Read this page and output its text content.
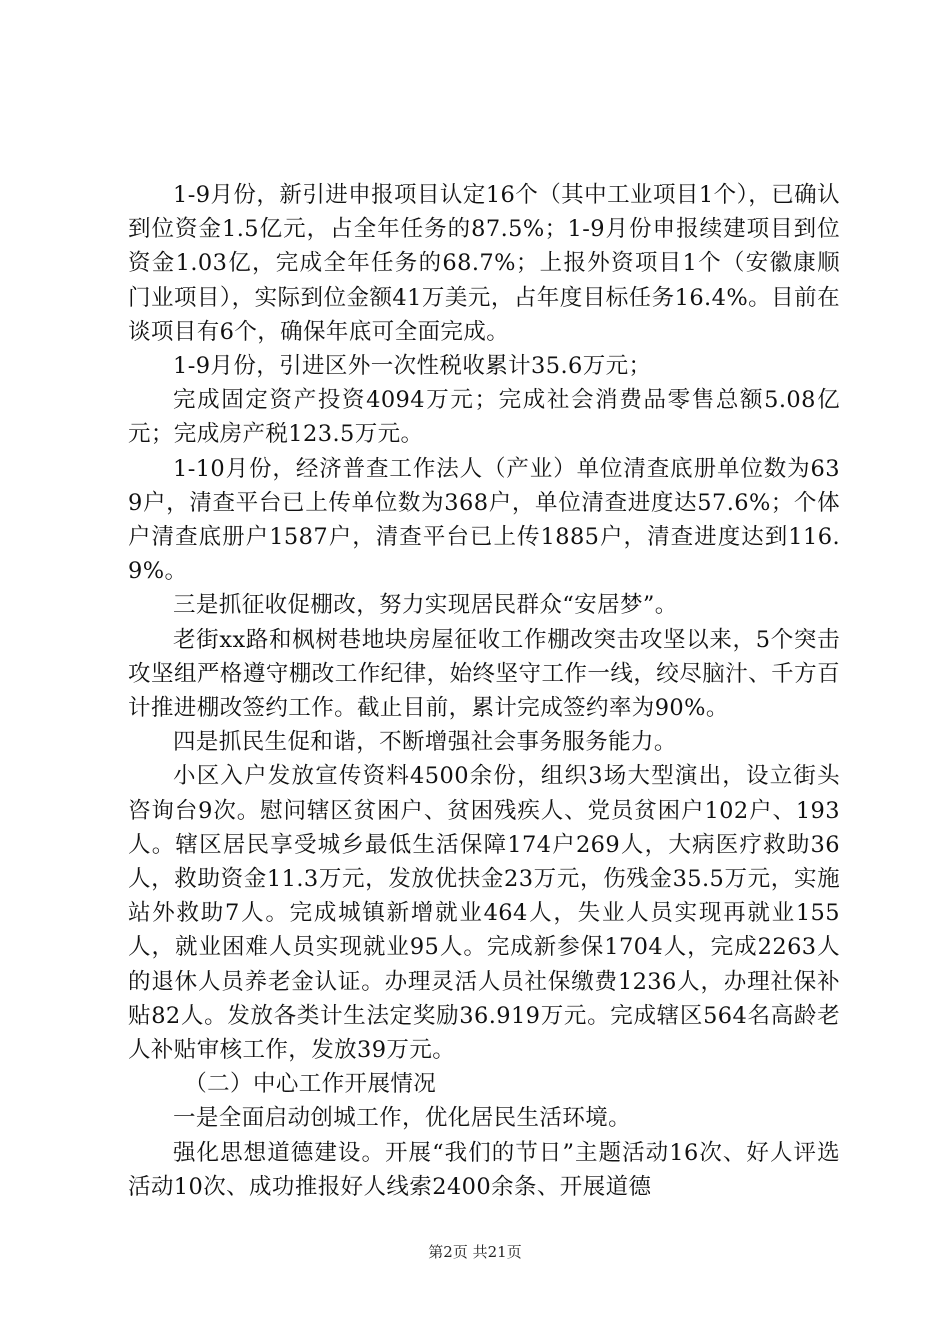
1-9月份，新引进申报项目认定16个（其中工业项目1个），已确认到位资金1.5亿元，占全年任务的87.5%；1-9月份申报续建项目到位资金1.03亿，完成全年任务的68.7%；上报外资项目1个（安徽康顺门业项目），实际到位金额41万美元，占年度目标任务16.4%。目前在谈项目有6个，确保年底可全面完成。

1-9月份，引进区外一次性税收累计35.6万元；

完成固定资产投资4094万元；完成社会消费品零售总额5.08亿元；完成房产税123.5万元。

1-10月份，经济普查工作法人（产业）单位清查底册单位数为639户，清查平台已上传单位数为368户，单位清查进度达57.6%；个体户清查底册户1587户，清查平台已上传1885户，清查进度达到116.9%。

三是抓征收促棚改，努力实现居民群众“安居梦”。

老街xx路和枫树巷地块房屋征收工作棚改突击攻坚以来，5个突击攻坚组严格遵守棚改工作纪律，始终坚守工作一线，绞尽脑汁、千方百计推进棚改签约工作。截止目前，累计完成签约率为90%。

四是抓民生促和谐，不断增强社会事务服务能力。

小区入户发放宣传资料4500余份，组织3场大型演出，设立街头咨询台9次。慰问辖区贫困户、贫困残疾人、党员贫困户102户、193人。辖区居民享受城乡最低生活保障174户269人，大病医疗救助36人，救助资金11.3万元，发放优扶金23万元，伤残金35.5万元，实施站外救助7人。完成城镇新增就业464人，失业人员实现再就业155人，就业困难人员实现就业95人。完成新参保1704人，完成2263人的退休人员养老金认证。办理灵活人员社保缴费1236人，办理社保补贴82人。发放各类计生法定奖励36.919万元。完成辖区564名高龄老人补贴审核工作，发放39万元。

（二）中心工作开展情况

一是全面启动创城工作，优化居民生活环境。

强化思想道德建设。开展“我们的节日”主题活动16次、好人评选活动10次、成功推报好人线索2400余条、开展道德

第2页 共21页
